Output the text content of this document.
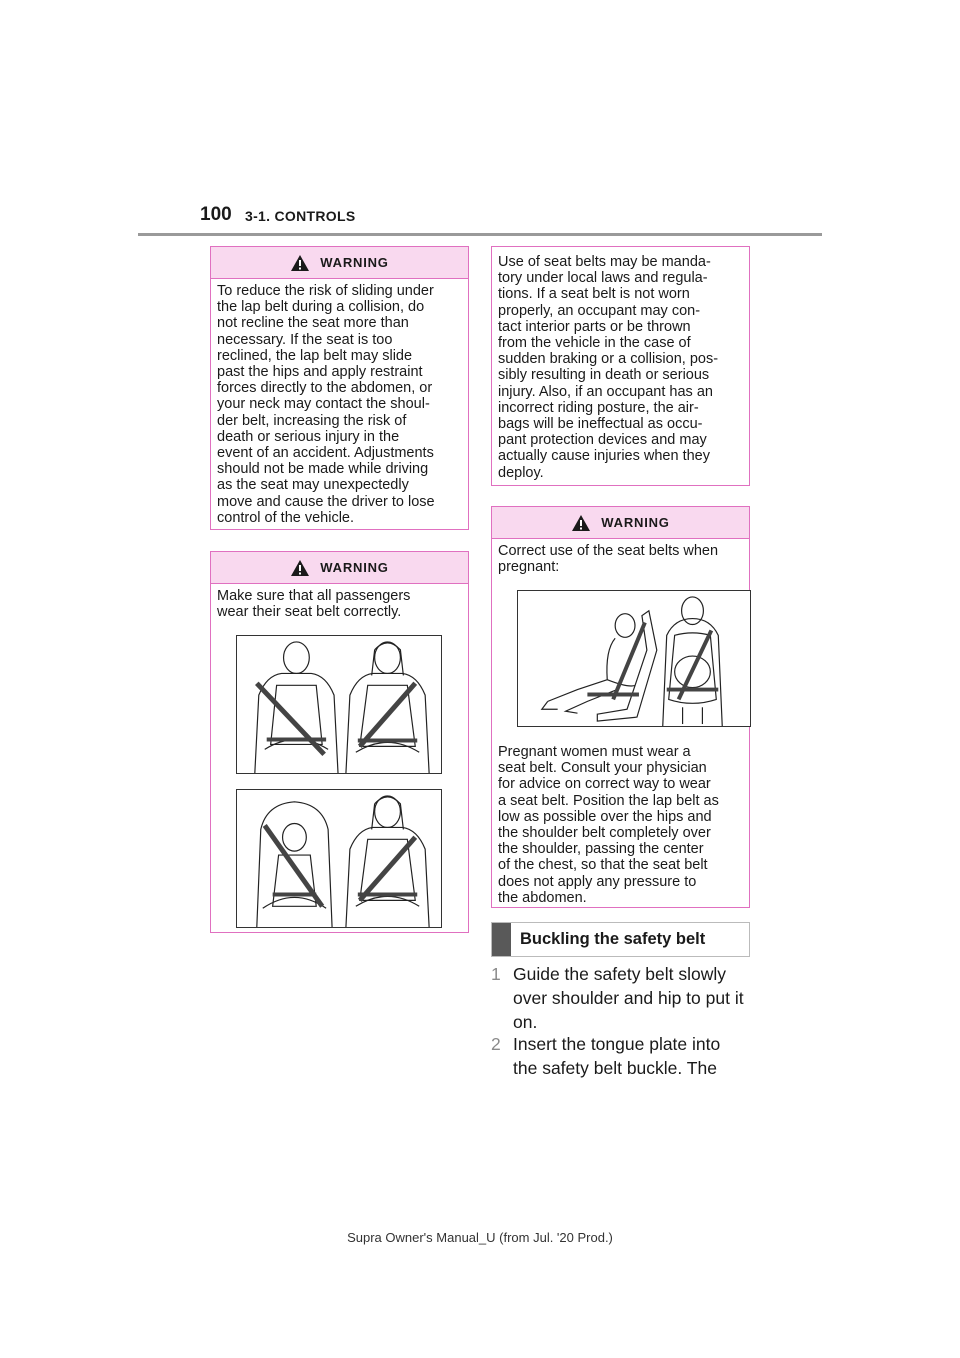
100 3-1. CONTROLS
WARNING
To reduce the risk of sliding under
the lap belt during a collision, do
not recline the seat more than
necessary. If the seat is too
reclined, the lap belt may slide
past the hips and apply restraint
forces directly to the abdomen, or
your neck may contact the shoul-
der belt, increasing the risk of
death or serious injury in the
event of an accident. Adjustments
should not be made while driving
as the seat may unexpectedly
move and cause the driver to lose
control of the vehicle.
WARNING
Make sure that all passengers
wear their seat belt correctly.
Use of seat belts may be manda-
tory under local laws and regula-
tions. If a seat belt is not worn
properly, an occupant may con-
tact interior parts or be thrown
from the vehicle in the case of
sudden braking or a collision, pos-
sibly resulting in death or serious
injury. Also, if an occupant has an
incorrect riding posture, the air-
bags will be ineffectual as occu-
pant protection devices and may
actually cause injuries when they
deploy.
WARNING
Correct use of the seat belts when
pregnant:
Pregnant women must wear a
seat belt. Consult your physician
for advice on correct way to wear
a seat belt. Position the lap belt as
low as possible over the hips and
the shoulder belt completely over
the shoulder, passing the center
of the chest, so that the seat belt
does not apply any pressure to
the abdomen.
Buckling the safety belt
1 Guide the safety belt slowly
over shoulder and hip to put it
on.
2 Insert the tongue plate into
the safety belt buckle. The
Supra Owner's Manual_U (from Jul. '20 Prod.)
